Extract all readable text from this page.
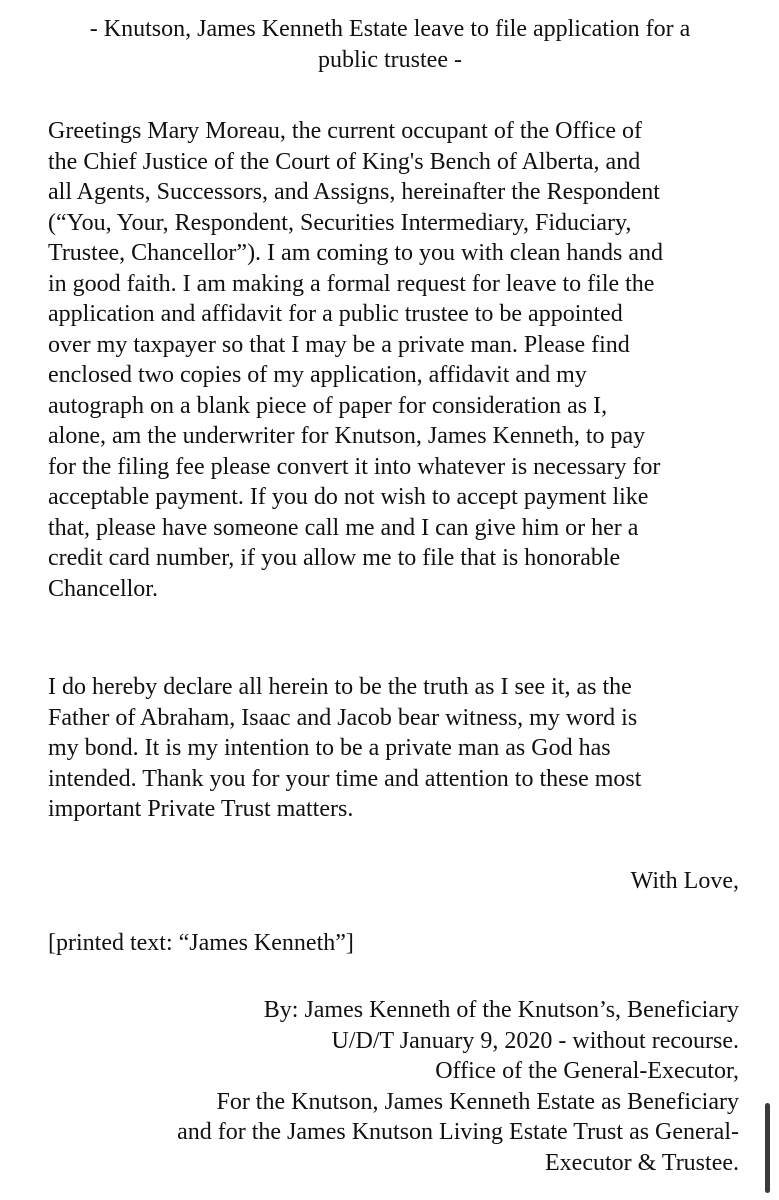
- Knutson, James Kenneth Estate leave to file application for a
public trustee -

Greetings Mary Moreau, the current occupant of the Office of
the Chief Justice of the Court of King's Bench of Alberta, and
all Agents, Successors, and Assigns, hereinafter the Respondent
(“You, Your, Respondent, Securities Intermediary, Fiduciary,
Trustee, Chancellor”). I am coming to you with clean hands and
in good faith. I am making a formal request for leave to file the
application and affidavit for a public trustee to be appointed
over my taxpayer so that I may be a private man. Please find
enclosed two copies of my application, affidavit and my
autograph on a blank piece of paper for consideration as I,
alone, am the underwriter for Knutson, James Kenneth, to pay
for the filing fee please convert it into whatever is necessary for
acceptable payment. If you do not wish to accept payment like
that, please have someone call me and I can give him or her a
credit card number, if you allow me to file that is honorable
Chancellor.

I do hereby declare all herein to be the truth as I see it, as the
Father of Abraham, Isaac and Jacob bear witness, my word is
my bond. It is my intention to be a private man as God has
intended. Thank you for your time and attention to these most
important Private Trust matters.

With Love,

[printed text: “James Kenneth”]

By: James Kenneth of the Knutson’s, Beneficiary
U/D/T January 9, 2020 - without recourse.
Office of the General-Executor,
For the Knutson, James Kenneth Estate as Beneficiary
and for the James Knutson Living Estate Trust as General-
Executor & Trustee.
